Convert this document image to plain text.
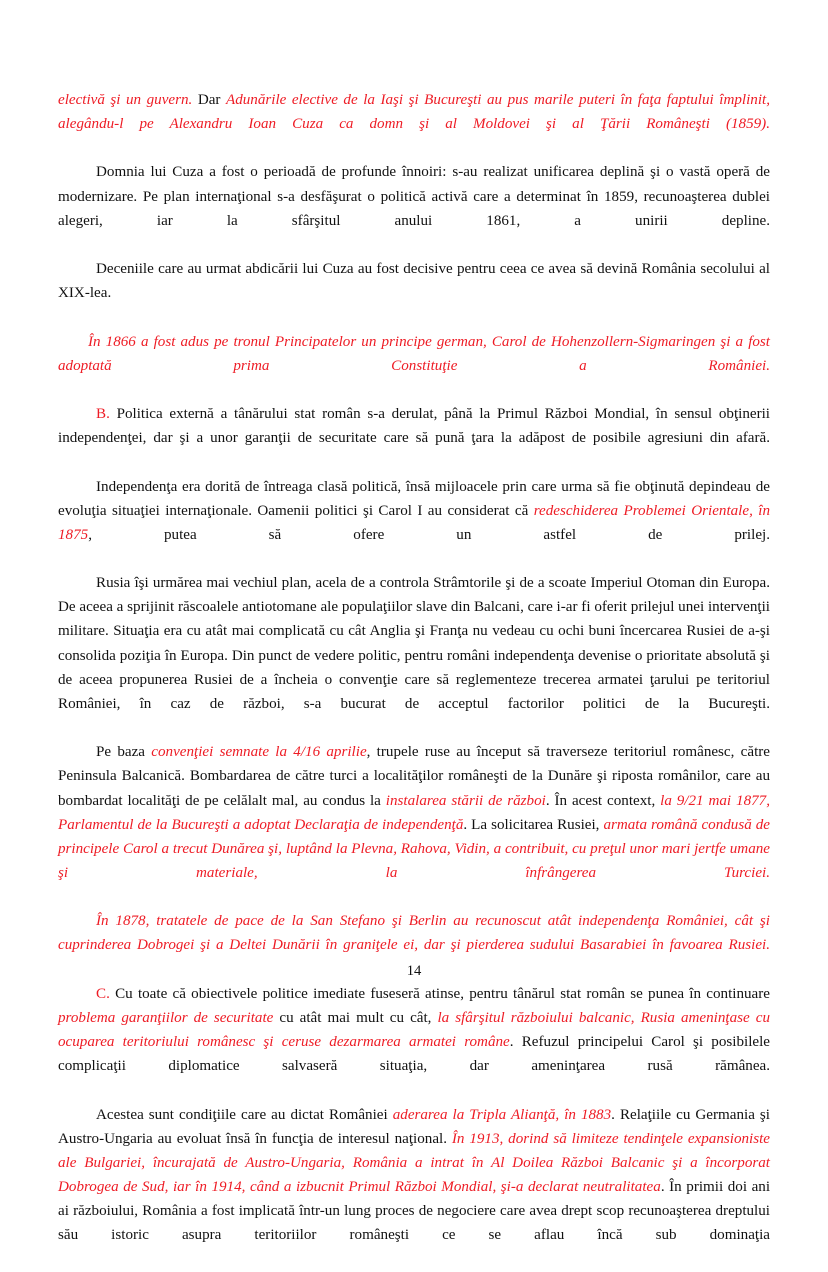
electivă şi un guvern. Dar Adunările elective de la Iaşi şi Bucureşti au pus marile puteri în faţa faptului împlinit, alegându-l pe Alexandru Ioan Cuza ca domn şi al Moldovei şi al Ţării Româneşti (1859).

Domnia lui Cuza a fost o perioadă de profunde înnoiri: s-au realizat unificarea deplină şi o vastă operă de modernizare. Pe plan internaţional s-a desfăşurat o politică activă care a determinat în 1859, recunoaşterea dublei alegeri, iar la sfârşitul anului 1861, a unirii depline.

Deceniile care au urmat abdicării lui Cuza au fost decisive pentru ceea ce avea să devină România secolului al XIX-lea.

În 1866 a fost adus pe tronul Principatelor un principe german, Carol de Hohenzollern-Sigmaringen şi a fost adoptată prima Constituţie a României.

B. Politica externă a tânărului stat român s-a derulat, până la Primul Război Mondial, în sensul obţinerii independenţei, dar şi a unor garanţii de securitate care să pună ţara la adăpost de posibile agresiuni din afară.

Independenţa era dorită de întreaga clasă politică, însă mijloacele prin care urma să fie obţinută depindeau de evoluţia situaţiei internaţionale. Oamenii politici şi Carol I au considerat că redeschiderea Problemei Orientale, în 1875, putea să ofere un astfel de prilej.

Rusia îşi urmărea mai vechiul plan, acela de a controla Strâmtorile şi de a scoate Imperiul Otoman din Europa. De aceea a sprijinit răscoalele antiotomane ale populaţiilor slave din Balcani, care i-ar fi oferit prilejul unei intervenţii militare. Situaţia era cu atât mai complicată cu cât Anglia şi Franţa nu vedeau cu ochi buni încercarea Rusiei de a-şi consolida poziţia în Europa. Din punct de vedere politic, pentru români independenţa devenise o prioritate absolută şi de aceea propunerea Rusiei de a încheia o convenţie care să reglementeze trecerea armatei ţarului pe teritoriul României, în caz de război, s-a bucurat de acceptul factorilor politici de la Bucureşti.

Pe baza convenţiei semnate la 4/16 aprilie, trupele ruse au început să traverseze teritoriul românesc, către Peninsula Balcanică. Bombardarea de către turci a localităţilor româneşti de la Dunăre şi riposta românilor, care au bombardat localităţi de pe celălalt mal, au condus la instalarea stării de război. În acest context, la 9/21 mai 1877, Parlamentul de la Bucureşti a adoptat Declaraţia de independenţă. La solicitarea Rusiei, armata română condusă de principele Carol a trecut Dunărea şi, luptând la Plevna, Rahova, Vidin, a contribuit, cu preţul unor mari jertfe umane şi materiale, la înfrângerea Turciei.

În 1878, tratatele de pace de la San Stefano şi Berlin au recunoscut atât independenţa României, cât şi cuprinderea Dobrogei şi a Deltei Dunării în graniţele ei, dar şi pierderea sudului Basarabiei în favoarea Rusiei.

C. Cu toate că obiectivele politice imediate fuseseră atinse, pentru tânărul stat român se punea în continuare problema garanţiilor de securitate cu atât mai mult cu cât, la sfârşitul războiului balcanic, Rusia ameninţase cu ocuparea teritoriului românesc şi ceruse dezarmarea armatei române. Refuzul principelui Carol şi posibilele complicaţii diplomatice salvaseră situaţia, dar ameninţarea rusă rămânea.

Acestea sunt condiţiile care au dictat României aderarea la Tripla Alianţă, în 1883. Relaţiile cu Germania şi Austro-Ungaria au evoluat însă în funcţia de interesul naţional. În 1913, dorind să limiteze tendinţele expansioniste ale Bulgariei, încurajată de Austro-Ungaria, România a intrat în Al Doilea Război Balcanic şi a încorporat Dobrogea de Sud, iar în 1914, când a izbucnit Primul Război Mondial, şi-a declarat neutralitatea. În primii doi ani ai războiului, România a fost implicată într-un lung proces de negociere care avea drept scop recunoaşterea dreptului său istoric asupra teritoriilor româneşti ce se aflau încă sub dominaţia

14
